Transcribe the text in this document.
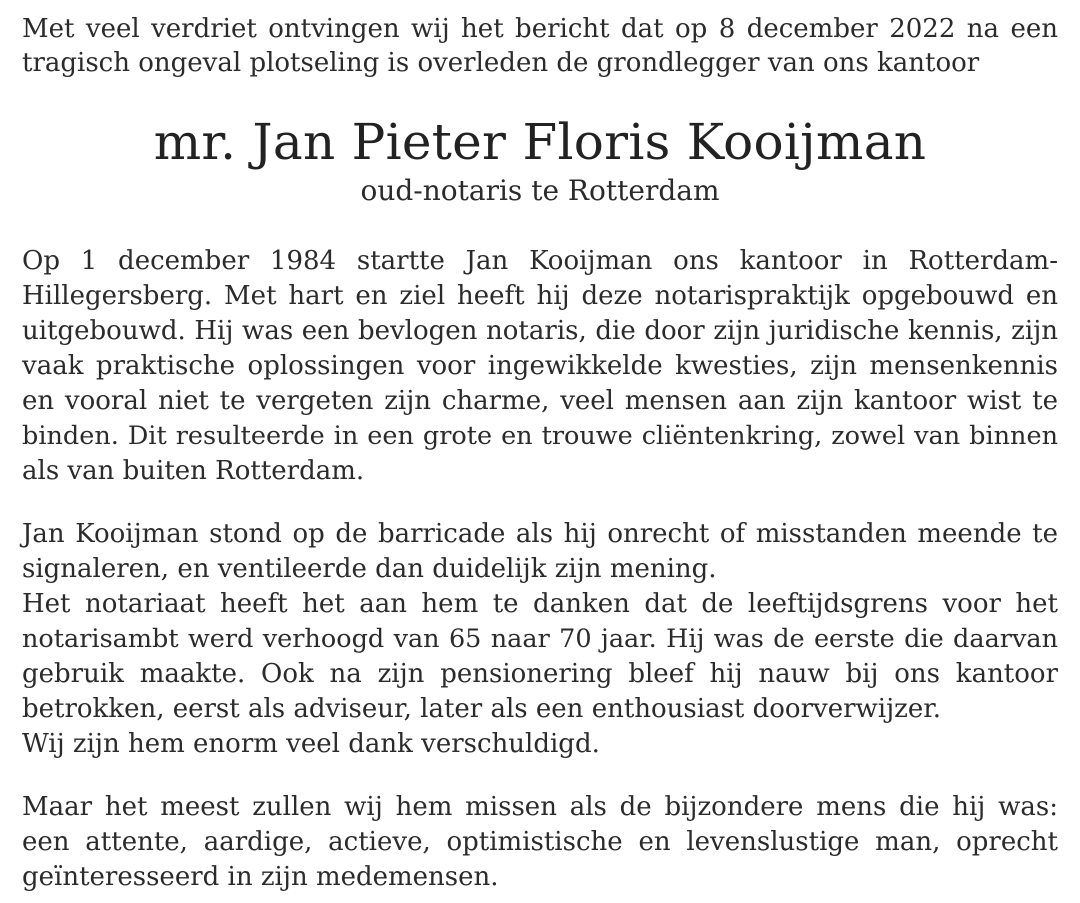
Met veel verdriet ontvingen wij het bericht dat op 8 december 2022 na een
tragisch ongeval plotseling is overleden de grondlegger van ons kantoor
mr. Jan Pieter Floris Kooijman
oud-notaris te Rotterdam
Op 1 december 1984 startte Jan Kooijman ons kantoor in Rotterdam-
Hillegersberg. Met hart en ziel heeft hij deze notarispraktijk opgebouwd en
uitgebouwd. Hij was een bevlogen notaris, die door zijn juridische kennis, zijn
vaak praktische oplossingen voor ingewikkelde kwesties, zijn mensenkennis
en vooral niet te vergeten zijn charme, veel mensen aan zijn kantoor wist te
binden. Dit resulteerde in een grote en trouwe cliëntenkring, zowel van binnen
als van buiten Rotterdam.
Jan Kooijman stond op de barricade als hij onrecht of misstanden meende te
signaleren, en ventileerde dan duidelijk zijn mening.
Het notariaat heeft het aan hem te danken dat de leeftijdsgrens voor het
notarisambt werd verhoogd van 65 naar 70 jaar. Hij was de eerste die daarvan
gebruik maakte. Ook na zijn pensionering bleef hij nauw bij ons kantoor
betrokken, eerst als adviseur, later als een enthousiast doorverwijzer.
Wij zijn hem enorm veel dank verschuldigd.
Maar het meest zullen wij hem missen als de bijzondere mens die hij was:
een attente, aardige, actieve, optimistische en levenslustige man, oprecht
geïnteresseerd in zijn medemensen.
